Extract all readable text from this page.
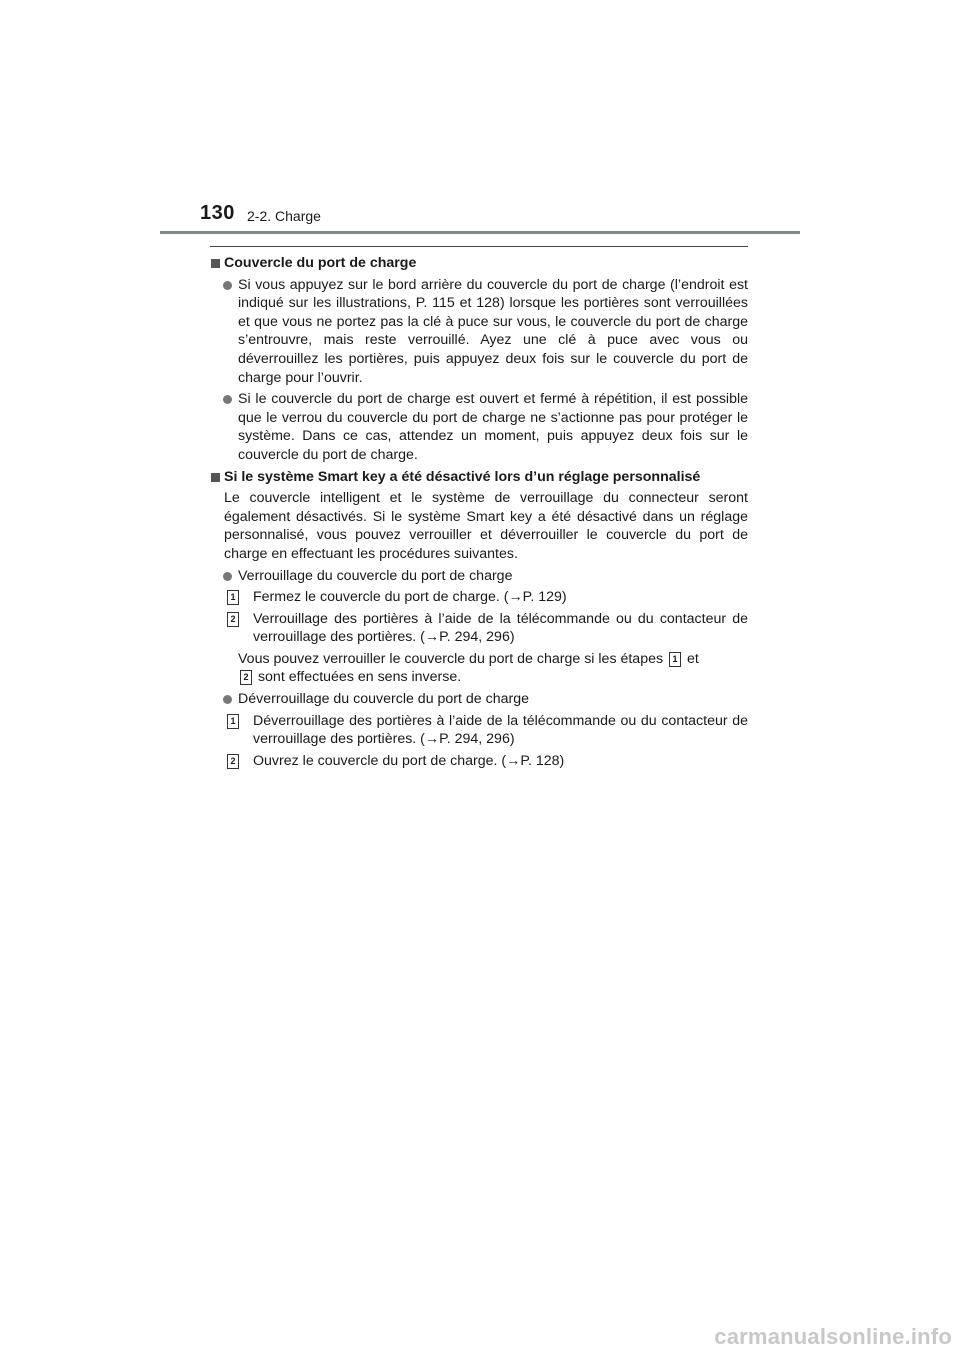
130 2-2. Charge
Couvercle du port de charge
Si vous appuyez sur le bord arrière du couvercle du port de charge (l’endroit est indiqué sur les illustrations, P. 115 et 128) lorsque les portières sont verrouillées et que vous ne portez pas la clé à puce sur vous, le couvercle du port de charge s’entrouvre, mais reste verrouillé. Ayez une clé à puce avec vous ou déverrouillez les portières, puis appuyez deux fois sur le couvercle du port de charge pour l’ouvrir.
Si le couvercle du port de charge est ouvert et fermé à répétition, il est possible que le verrou du couvercle du port de charge ne s’actionne pas pour protéger le système. Dans ce cas, attendez un moment, puis appuyez deux fois sur le couvercle du port de charge.
Si le système Smart key a été désactivé lors d’un réglage personnalisé
Le couvercle intelligent et le système de verrouillage du connecteur seront également désactivés. Si le système Smart key a été désactivé dans un réglage personnalisé, vous pouvez verrouiller et déverrouiller le couvercle du port de charge en effectuant les procédures suivantes.
Verrouillage du couvercle du port de charge
1 Fermez le couvercle du port de charge. (→P. 129)
2 Verrouillage des portières à l’aide de la télécommande ou du contacteur de verrouillage des portières. (→P. 294, 296)
Vous pouvez verrouiller le couvercle du port de charge si les étapes 1 et
2 sont effectuées en sens inverse.
Déverrouillage du couvercle du port de charge
1 Déverrouillage des portières à l’aide de la télécommande ou du contacteur de verrouillage des portières. (→P. 294, 296)
2 Ouvrez le couvercle du port de charge. (→P. 128)
carmanualsonline.info
